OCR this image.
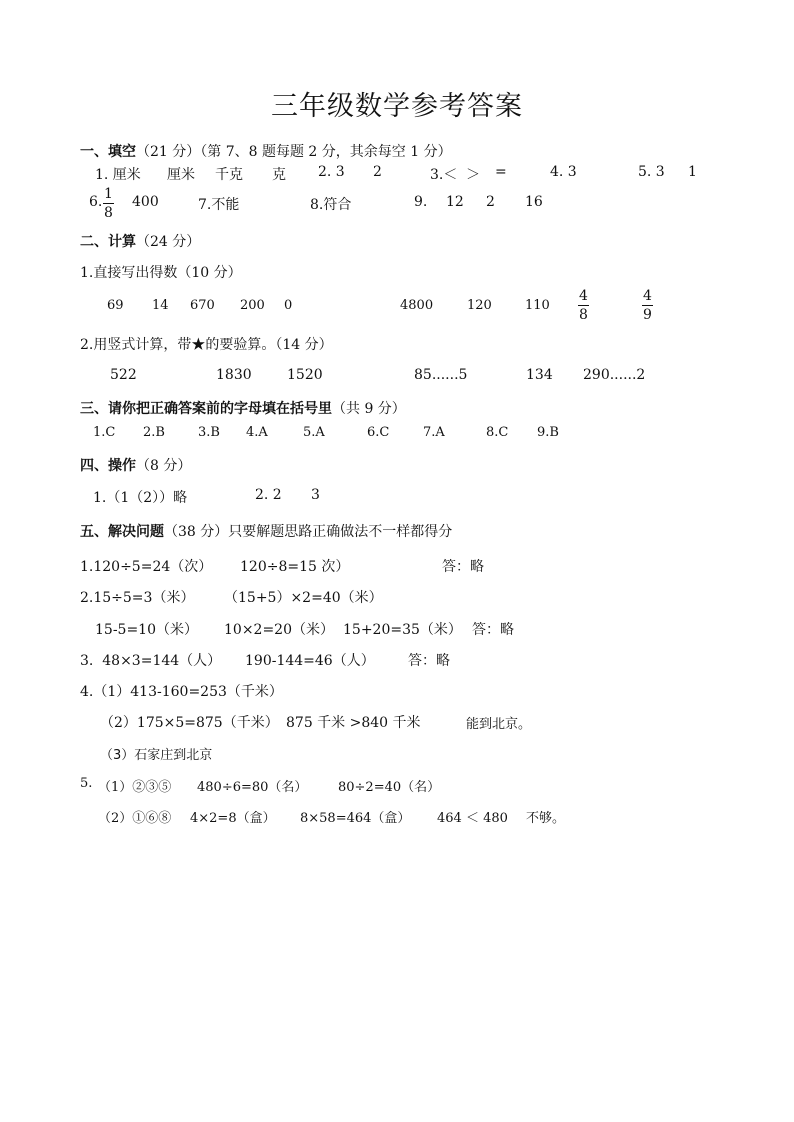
三年级数学参考答案
一、填空（21 分）（第 7、8 题每题 2 分，其余每空 1 分）
1. 厘米 厘米 千克 克 2. 3 2	3.＜ ＞ =	4. 3	5. 3 1
6. 1
8
400	7.不能	8.符合	9. 12 2 16
二、计算（24 分）
1.直接写出得数（10 分）
69 14 670 200 0	4800	120	110
4
8
4
9
2.用竖式计算，带★的要验算。（14 分）
522	1830	1520	85......5	134 290......2
三、请你把正确答案前的字母填在括号里（共 9 分）
1.C 2.B	3.B 4.A	5.A	6.C	7.A	8.C 9.B
四、操作（8 分）
1.（1（2））略	2. 2 3
五、解决问题（38 分）只要解题思路正确做法不一样都得分
1.120÷5=24（次） 120÷8=15 次）	答：略
2.15÷5=3（米） （15+5）×2=40（米）
15-5=10（米） 10×2=20（米） 15+20=35（米） 答：略
3.  48×3=144（人） 190-144=46（人） 答：略
4.（1）413-160=253（千米）
（2）175×5=875（千米） 875 千米 >840 千米	能到北京。
（3）石家庄到北京
5. （1）②③⑤ 480÷6=80（名） 80÷2=40（名）
（2）①⑥⑧ 4×2=8（盒） 8×58=464（盒） 464 ＜ 480 不够。
